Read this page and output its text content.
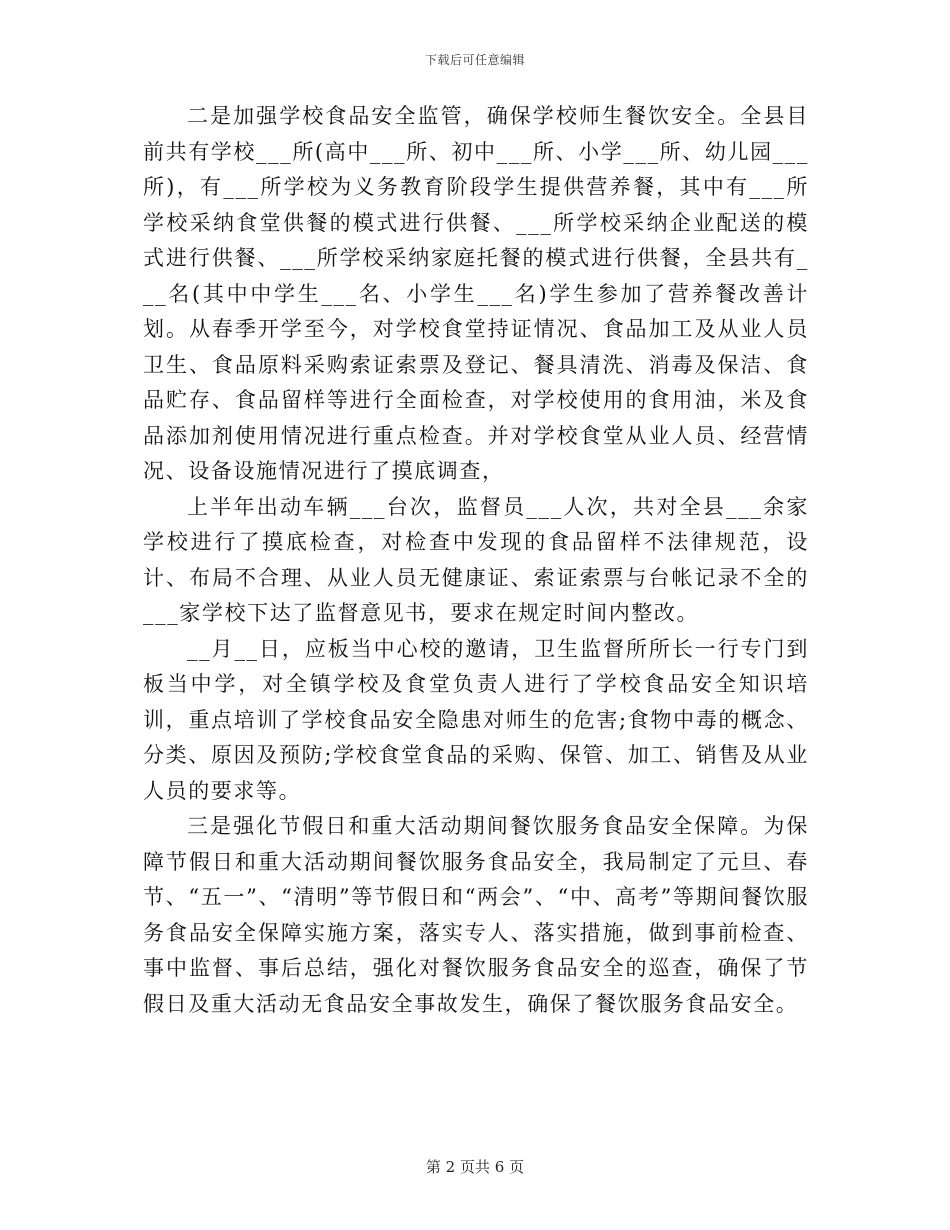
下载后可任意编辑

二是加强学校食品安全监管，确保学校师生餐饮安全。全县目前共有学校___所(高中___所、初中___所、小学___所、幼儿园___所)，有___所学校为义务教育阶段学生提供营养餐，其中有___所学校采纳食堂供餐的模式进行供餐、___所学校采纳企业配送的模式进行供餐、___所学校采纳家庭托餐的模式进行供餐，全县共有___名(其中中学生___名、小学生___名)学生参加了营养餐改善计划。从春季开学至今，对学校食堂持证情况、食品加工及从业人员卫生、食品原料采购索证索票及登记、餐具清洗、消毒及保洁、食品贮存、食品留样等进行全面检查，对学校使用的食用油，米及食品添加剂使用情况进行重点检查。并对学校食堂从业人员、经营情况、设备设施情况进行了摸底调查，

上半年出动车辆___台次，监督员___人次，共对全县___余家学校进行了摸底检查，对检查中发现的食品留样不法律规范，设计、布局不合理、从业人员无健康证、索证索票与台帐记录不全的___家学校下达了监督意见书，要求在规定时间内整改。

__月__日，应板当中心校的邀请，卫生监督所所长一行专门到板当中学，对全镇学校及食堂负责人进行了学校食品安全知识培训，重点培训了学校食品安全隐患对师生的危害;食物中毒的概念、分类、原因及预防;学校食堂食品的采购、保管、加工、销售及从业人员的要求等。

三是强化节假日和重大活动期间餐饮服务食品安全保障。为保障节假日和重大活动期间餐饮服务食品安全，我局制定了元旦、春节、“五一”、“清明”等节假日和“两会”、“中、高考”等期间餐饮服务食品安全保障实施方案，落实专人、落实措施，做到事前检查、事中监督、事后总结，强化对餐饮服务食品安全的巡查，确保了节假日及重大活动无食品安全事故发生，确保了餐饮服务食品安全。

第 2 页共 6 页
